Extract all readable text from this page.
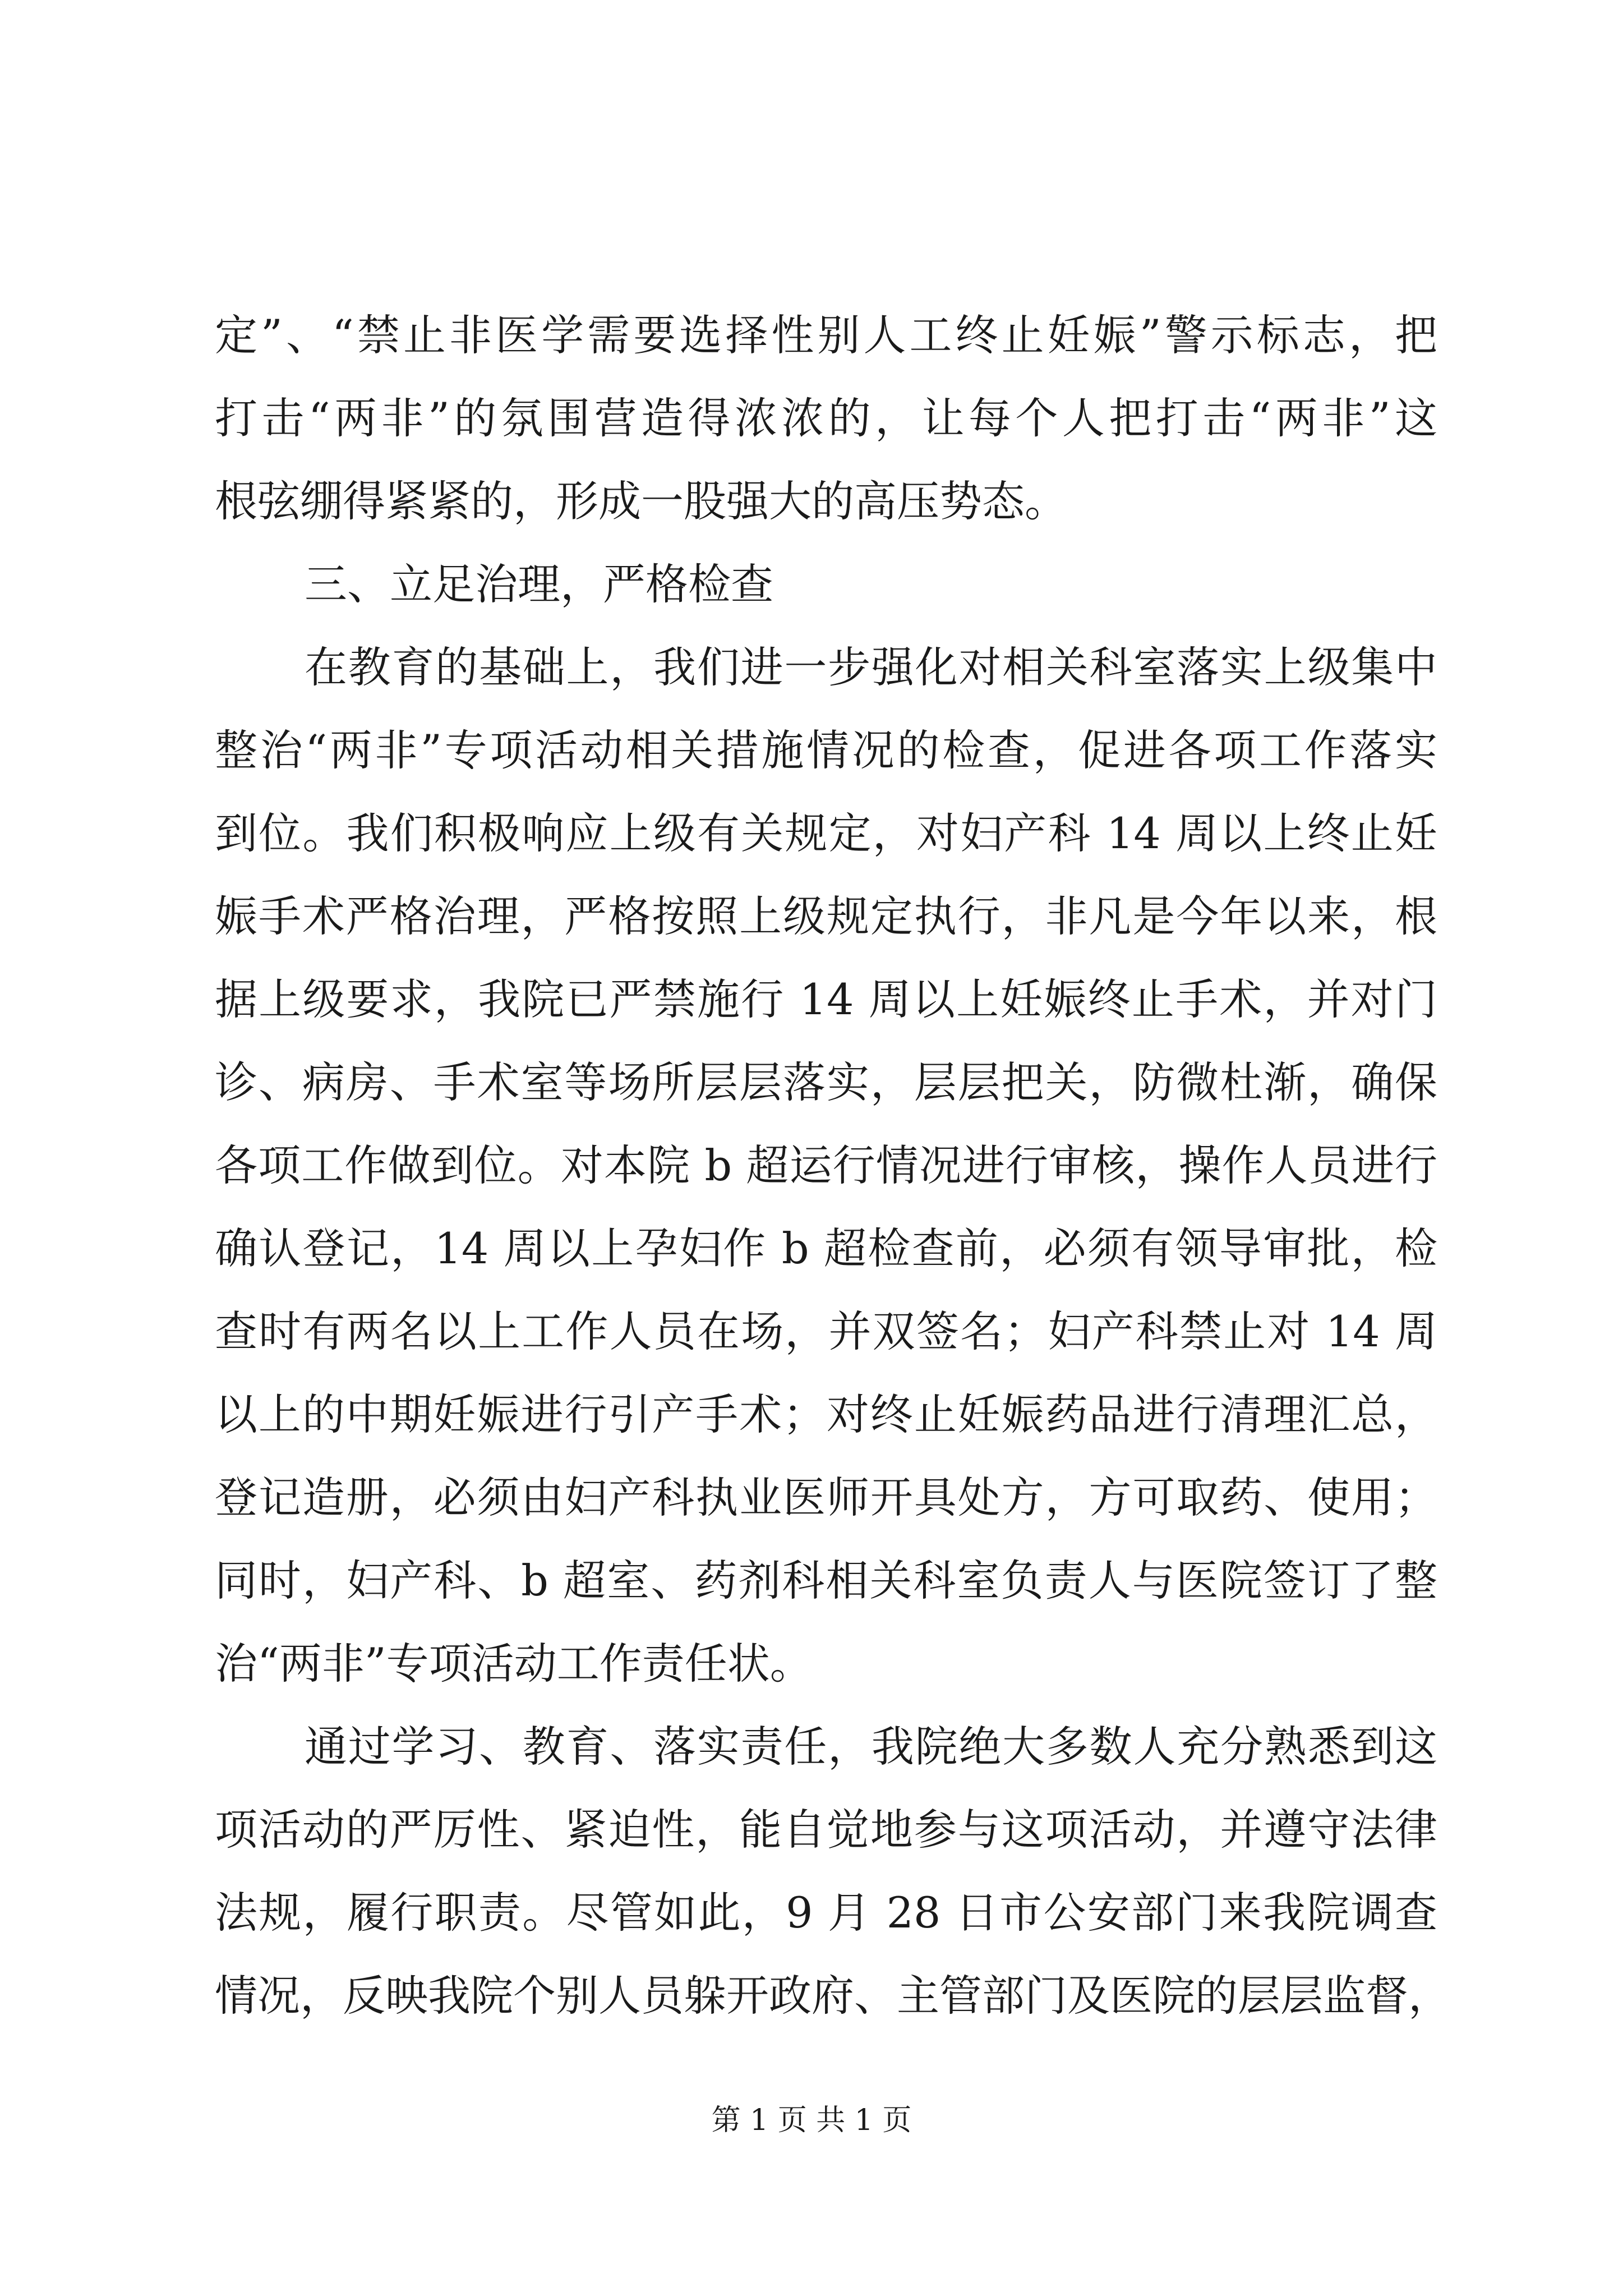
定”、“禁止非医学需要选择性别人工终止妊娠”警示标志，把
打击“两非”的氛围营造得浓浓的，让每个人把打击“两非”这
根弦绷得紧紧的，形成一股强大的高压势态。
三、立足治理，严格检查
在教育的基础上，我们进一步强化对相关科室落实上级集中
整治“两非”专项活动相关措施情况的检查，促进各项工作落实
到位。我们积极响应上级有关规定，对妇产科 14 周以上终止妊
娠手术严格治理，严格按照上级规定执行，非凡是今年以来，根
据上级要求，我院已严禁施行 14 周以上妊娠终止手术，并对门
诊、病房、手术室等场所层层落实，层层把关，防微杜渐，确保
各项工作做到位。对本院 b 超运行情况进行审核，操作人员进行
确认登记，14 周以上孕妇作 b 超检查前，必须有领导审批，检
查时有两名以上工作人员在场，并双签名；妇产科禁止对 14 周
以上的中期妊娠进行引产手术；对终止妊娠药品进行清理汇总，
登记造册，必须由妇产科执业医师开具处方，方可取药、使用；
同时，妇产科、b 超室、药剂科相关科室负责人与医院签订了整
治“两非”专项活动工作责任状。
通过学习、教育、落实责任，我院绝大多数人充分熟悉到这
项活动的严厉性、紧迫性，能自觉地参与这项活动，并遵守法律
法规，履行职责。尽管如此，9 月 28 日市公安部门来我院调查
情况，反映我院个别人员躲开政府、主管部门及医院的层层监督，
第 1 页 共 1 页
